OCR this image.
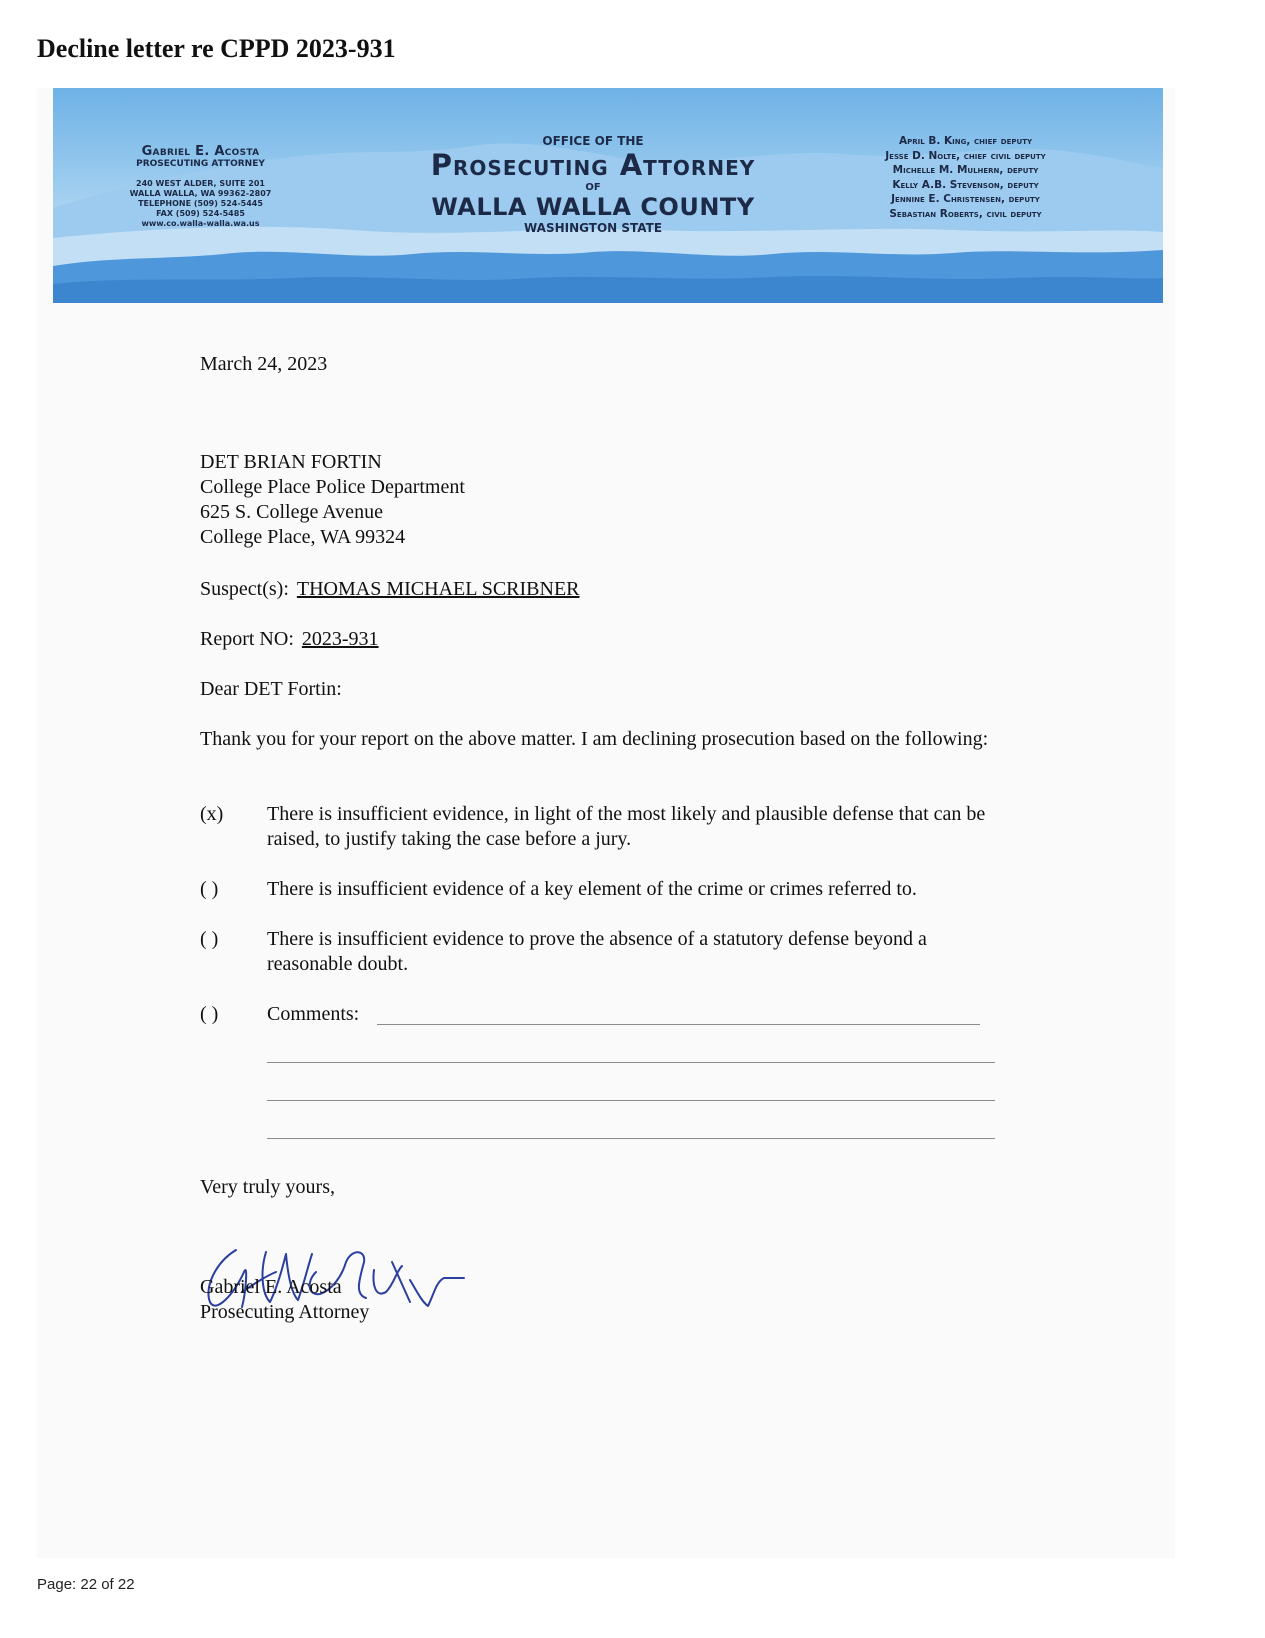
Decline letter re CPPD 2023-931
Gabriel E. Acosta
PROSECUTING ATTORNEY
240 WEST ALDER, SUITE 201
WALLA WALLA, WA 99362-2807
TELEPHONE (509) 524-5445
FAX (509) 524-5485
www.co.walla-walla.wa.us
OFFICE OF THE
Prosecuting Attorney
OF
WALLA WALLA COUNTY
WASHINGTON STATE
April B. King, chief deputy
Jesse D. Nolte, chief civil deputy
Michelle M. Mulhern, deputy
Kelly A.B. Stevenson, deputy
Jennine E. Christensen, deputy
Sebastian Roberts, civil deputy
March 24, 2023
DET BRIAN FORTIN
College Place Police Department
625 S. College Avenue
College Place, WA 99324
Suspect(s): THOMAS MICHAEL SCRIBNER
Report NO: 2023-931
Dear DET Fortin:
Thank you for your report on the above matter. I am declining prosecution based on the following:
(x) There is insufficient evidence, in light of the most likely and plausible defense that can be raised, to justify taking the case before a jury.
( ) There is insufficient evidence of a key element of the crime or crimes referred to.
( ) There is insufficient evidence to prove the absence of a statutory defense beyond a reasonable doubt.
( ) Comments:
Very truly yours,
Gabriel E. Acosta
Prosecuting Attorney
Page: 22 of 22
